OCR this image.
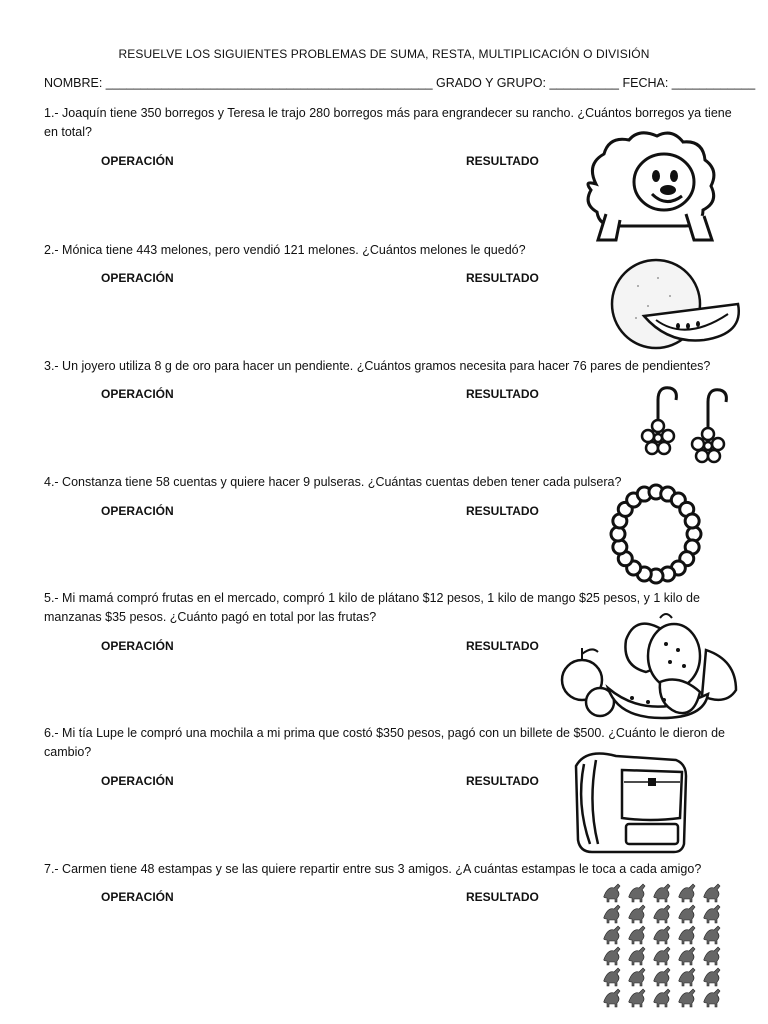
RESUELVE LOS SIGUIENTES PROBLEMAS DE SUMA, RESTA, MULTIPLICACIÓN O DIVISIÓN
NOMBRE: _______________________________________________ GRADO Y GRUPO: __________ FECHA: ____________
1.- Joaquín tiene 350 borregos y Teresa le trajo 280 borregos más para engrandecer su rancho. ¿Cuántos borregos ya tiene en total?
OPERACIÓN	RESULTADO
2.- Mónica tiene 443 melones, pero vendió 121 melones. ¿Cuántos melones le quedó?
OPERACIÓN	RESULTADO
3.- Un joyero utiliza 8 g de oro para hacer un pendiente. ¿Cuántos gramos necesita para hacer 76 pares de pendientes?
OPERACIÓN	RESULTADO
4.- Constanza tiene 58 cuentas y quiere hacer 9 pulseras. ¿Cuántas cuentas deben tener cada pulsera?
OPERACIÓN	RESULTADO
5.- Mi mamá compró frutas en el mercado, compró 1 kilo de plátano $12 pesos, 1 kilo de mango $25 pesos, y 1 kilo de manzanas $35 pesos. ¿Cuánto pagó en total por las frutas?
OPERACIÓN	RESULTADO
6.- Mi tía Lupe le compró una mochila a mi prima que costó $350 pesos, pagó con un billete de $500. ¿Cuánto le dieron de cambio?
OPERACIÓN	RESULTADO
7.- Carmen tiene 48 estampas y se las quiere repartir entre sus 3 amigos. ¿A cuántas estampas le toca a cada amigo?
OPERACIÓN	RESULTADO
